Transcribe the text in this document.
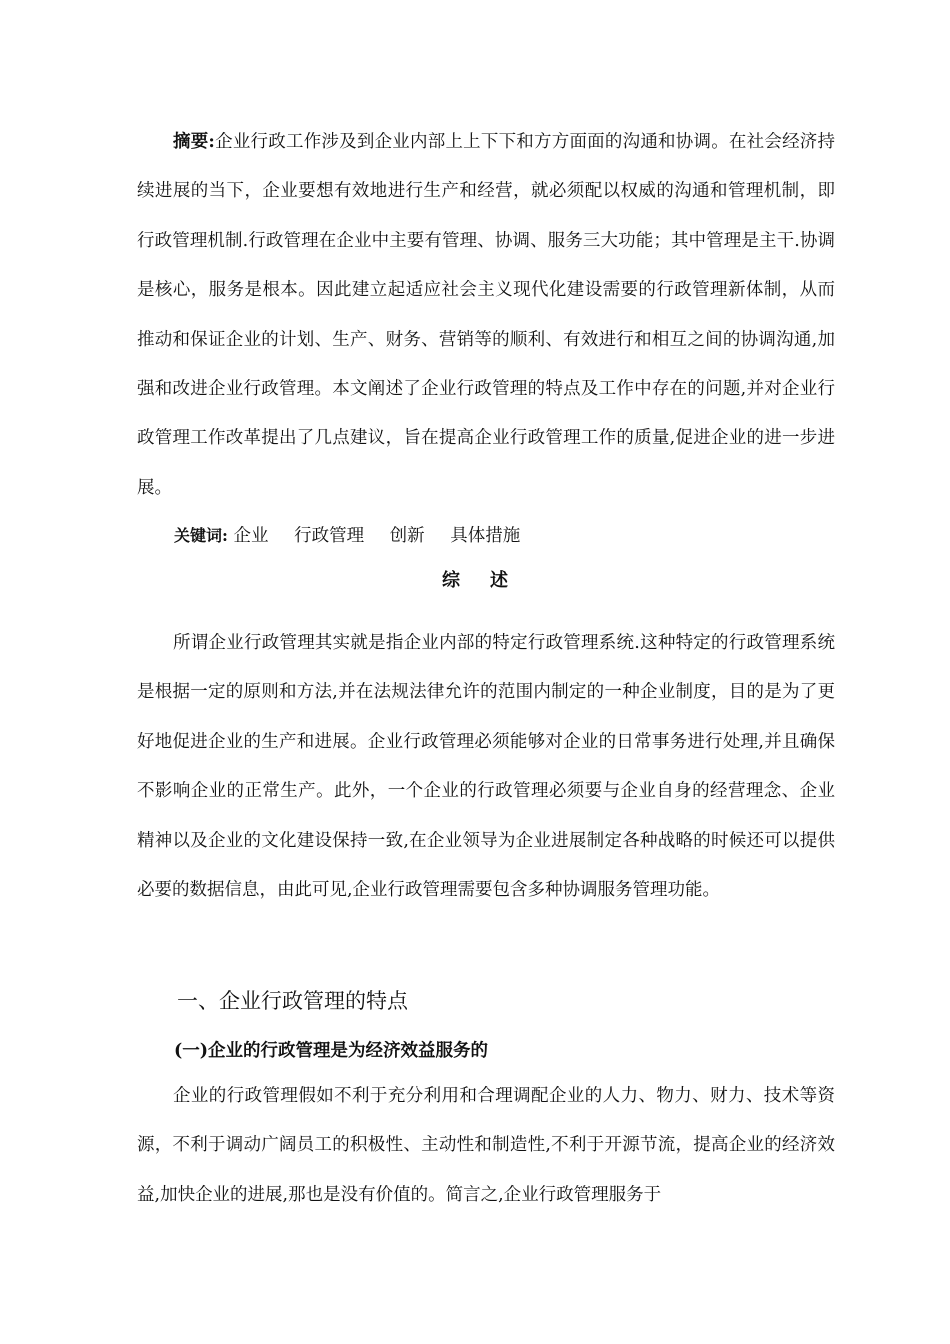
摘要:企业行政工作涉及到企业内部上上下下和方方面面的沟通和协调。在社会经济持续进展的当下，企业要想有效地进行生产和经营，就必须配以权威的沟通和管理机制，即行政管理机制.行政管理在企业中主要有管理、协调、服务三大功能；其中管理是主干.协调是核心，服务是根本。因此建立起适应社会主义现代化建设需要的行政管理新体制，从而推动和保证企业的计划、生产、财务、营销等的顺利、有效进行和相互之间的协调沟通,加强和改进企业行政管理。本文阐述了企业行政管理的特点及工作中存在的问题,并对企业行政管理工作改革提出了几点建议，旨在提高企业行政管理工作的质量,促进企业的进一步进展。

关键词: 企业 行政管理 创新 具体措施
综述

所谓企业行政管理其实就是指企业内部的特定行政管理系统.这种特定的行政管理系统是根据一定的原则和方法,并在法规法律允许的范围内制定的一种企业制度，目的是为了更好地促进企业的生产和进展。企业行政管理必须能够对企业的日常事务进行处理,并且确保不影响企业的正常生产。此外，一个企业的行政管理必须要与企业自身的经营理念、企业精神以及企业的文化建设保持一致,在企业领导为企业进展制定各种战略的时候还可以提供必要的数据信息，由此可见,企业行政管理需要包含多种协调服务管理功能。

一、企业行政管理的特点
(一)企业的行政管理是为经济效益服务的

企业的行政管理假如不利于充分利用和合理调配企业的人力、物力、财力、技术等资源，不利于调动广阔员工的积极性、主动性和制造性,不利于开源节流，提高企业的经济效益,加快企业的进展,那也是没有价值的。简言之,企业行政管理服务于
